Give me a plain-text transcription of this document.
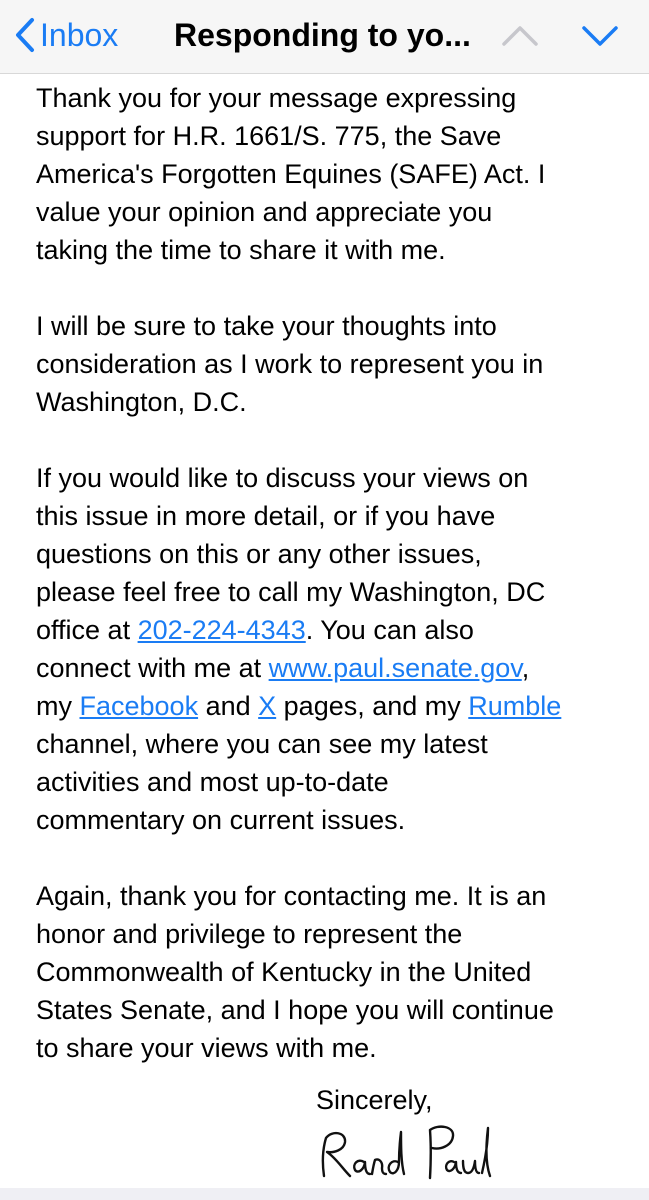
Inbox Responding to yo...

Thank you for your message expressing
support for H.R. 1661/S. 775, the Save
America's Forgotten Equines (SAFE) Act. I
value your opinion and appreciate you
taking the time to share it with me.

I will be sure to take your thoughts into
consideration as I work to represent you in
Washington, D.C.

If you would like to discuss your views on
this issue in more detail, or if you have
questions on this or any other issues,
please feel free to call my Washington, DC
office at 202-224-4343. You can also
connect with me at www.paul.senate.gov,
my Facebook and X pages, and my Rumble
channel, where you can see my latest
activities and most up-to-date
commentary on current issues.

Again, thank you for contacting me. It is an
honor and privilege to represent the
Commonwealth of Kentucky in the United
States Senate, and I hope you will continue
to share your views with me.

Sincerely,
